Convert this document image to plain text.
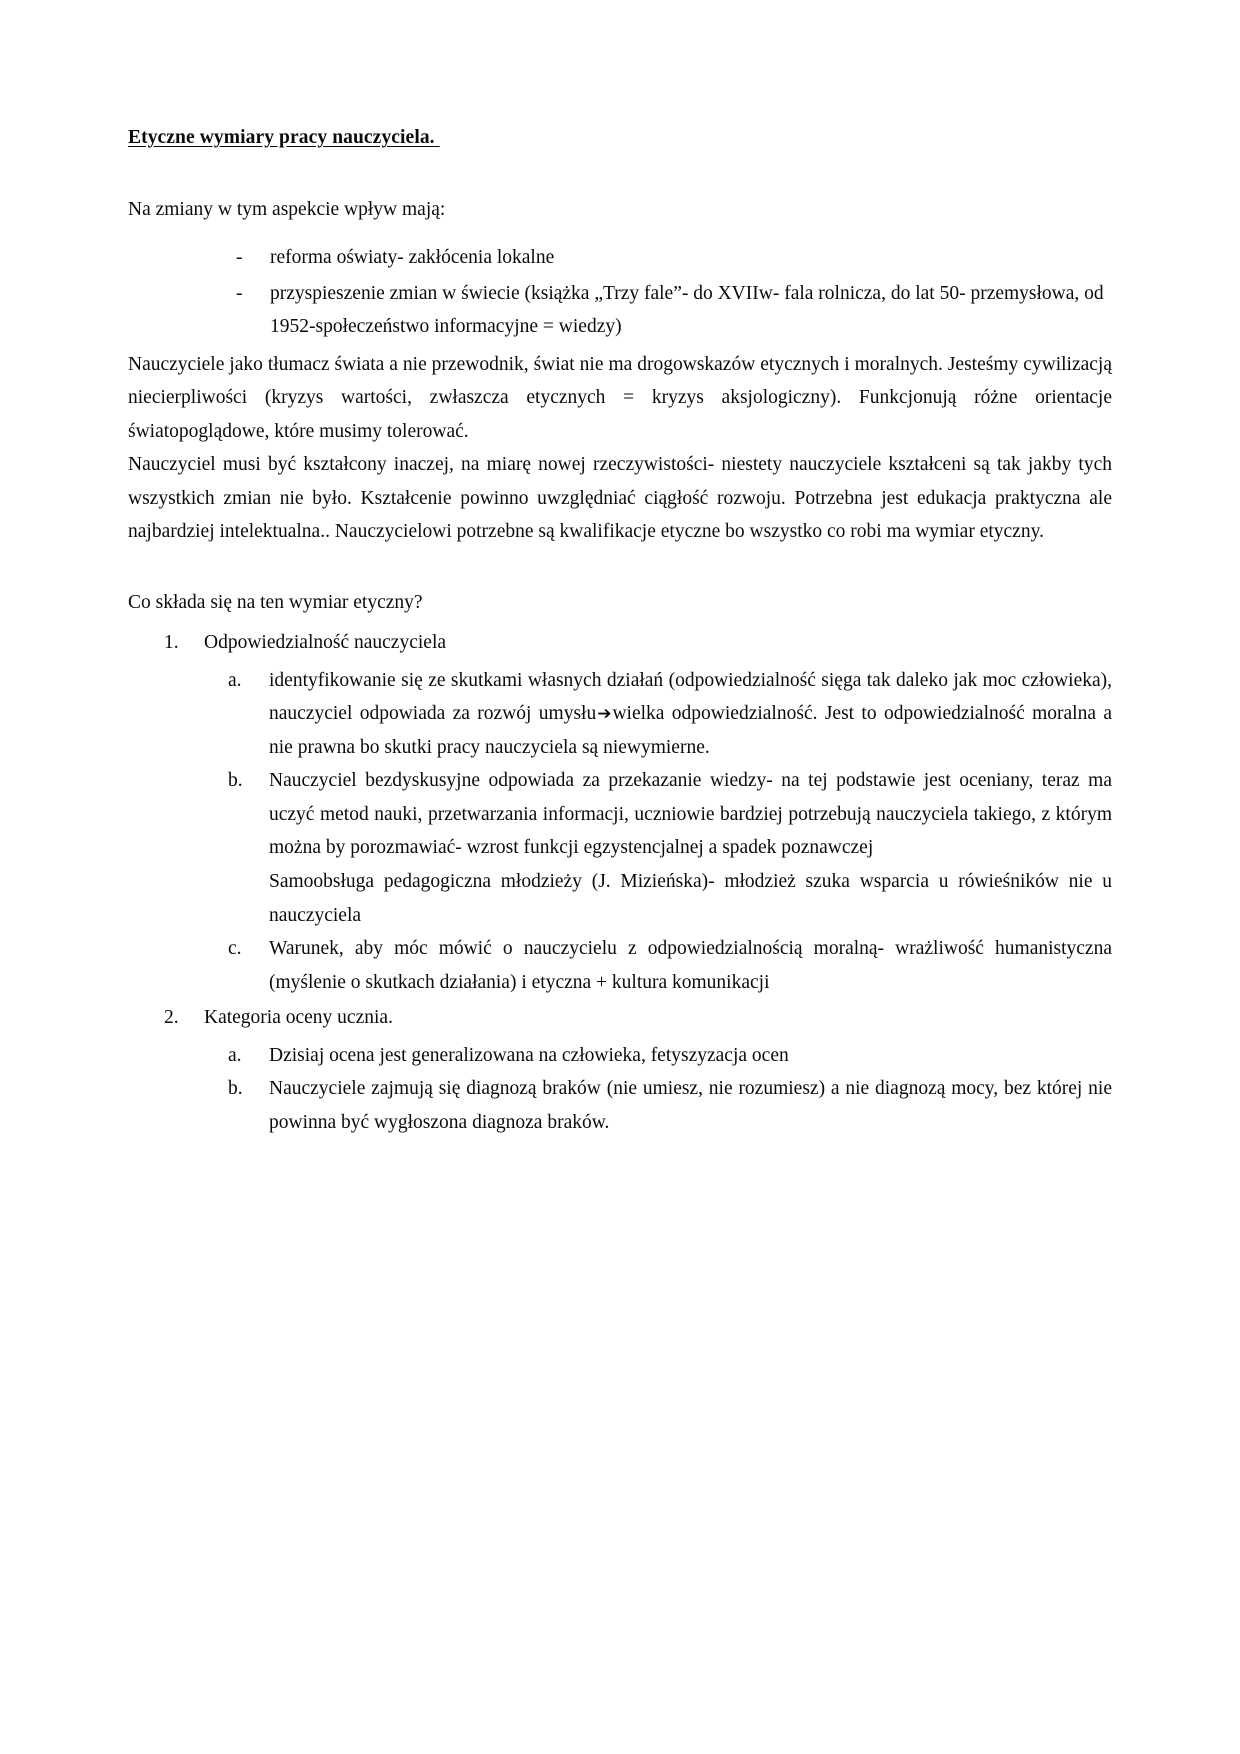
Etyczne wymiary pracy nauczyciela.

Na zmiany w tym aspekcie wpływ mają:

- reforma oświaty- zakłócenia lokalne
- przyspieszenie zmian w świecie (książka „Trzy fale”- do XVIIw- fala rolnicza, do lat 50- przemysłowa, od 1952-społeczeństwo informacyjne = wiedzy)

Nauczyciele jako tłumacz świata a nie przewodnik, świat nie ma drogowskazów etycznych i moralnych. Jesteśmy cywilizacją niecierpliwości (kryzys wartości, zwłaszcza etycznych = kryzys aksjologiczny). Funkcjonują różne orientacje światopoglądowe, które musimy tolerować.

Nauczyciel musi być kształcony inaczej, na miarę nowej rzeczywistości- niestety nauczyciele kształceni są tak jakby tych wszystkich zmian nie było. Kształcenie powinno uwzględniać ciągłość rozwoju. Potrzebna jest edukacja praktyczna ale najbardziej intelektualna.. Nauczycielowi potrzebne są kwalifikacje etyczne bo wszystko co robi ma wymiar etyczny.

Co składa się na ten wymiar etyczny?

1. Odpowiedzialność nauczyciela
a. identyfikowanie się ze skutkami własnych działań (odpowiedzialność sięga tak daleko jak moc człowieka), nauczyciel odpowiada za rozwój umysłu➔wielka odpowiedzialność. Jest to odpowiedzialność moralna a nie prawna bo skutki pracy nauczyciela są niewymierne.
b. Nauczyciel bezdyskusyjne odpowiada za przekazanie wiedzy- na tej podstawie jest oceniany, teraz ma uczyć metod nauki, przetwarzania informacji, uczniowie bardziej potrzebują nauczyciela takiego, z którym można by porozmawiać- wzrost funkcji egzystencjalnej a spadek poznawczej
Samoobsługa pedagogiczna młodzieży (J. Mizieńska)- młodzież szuka wsparcia u rówieśników nie u nauczyciela
c. Warunek, aby móc mówić o nauczycielu z odpowiedzialnością moralną- wrażliwość humanistyczna (myślenie o skutkach działania) i etyczna + kultura komunikacji
2. Kategoria oceny ucznia.
a. Dzisiaj ocena jest generalizowana na człowieka, fetyszyzacja ocen
b. Nauczyciele zajmują się diagnozą braków (nie umiesz, nie rozumiesz) a nie diagnozą mocy, bez której nie powinna być wygłoszona diagnoza braków.
